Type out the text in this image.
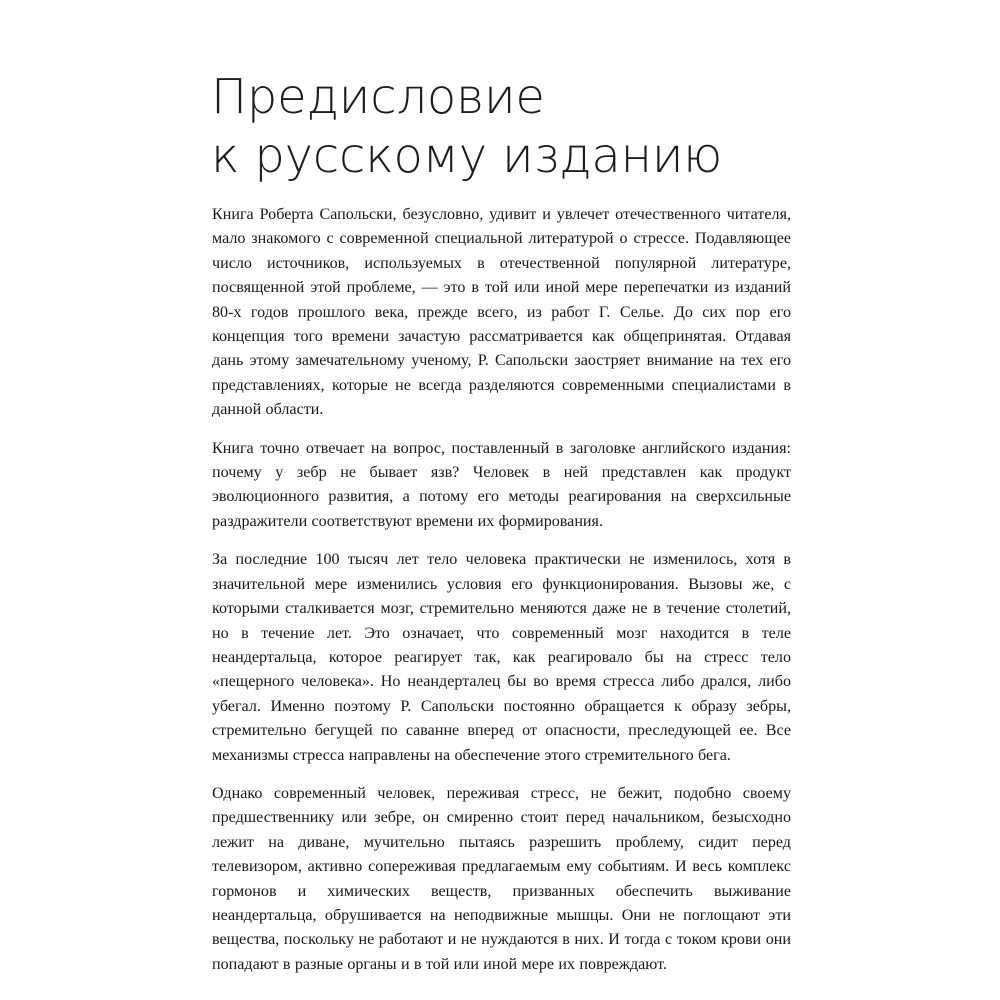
Предисловие
к русскому изданию

Книга Роберта Сапольски, безусловно, удивит и увлечет отечественного читателя, мало знакомого с современной специальной литературой о стрессе. Подавляющее число источников, используемых в отечественной популярной литературе, посвященной этой проблеме, — это в той или иной мере перепечатки из изданий 80-х годов прошлого века, прежде всего, из работ Г. Селье. До сих пор его концепция того времени зачастую рассматривается как общепринятая. Отдавая дань этому замечательному ученому, Р. Сапольски заостряет внимание на тех его представлениях, которые не всегда разделяются современными специалистами в данной области.

Книга точно отвечает на вопрос, поставленный в заголовке английского издания: почему у зебр не бывает язв? Человек в ней представлен как продукт эволюционного развития, а потому его методы реагирования на сверхсильные раздражители соответствуют времени их формирования.

За последние 100 тысяч лет тело человека практически не изменилось, хотя в значительной мере изменились условия его функционирования. Вызовы же, с которыми сталкивается мозг, стремительно меняются даже не в течение столетий, но в течение лет. Это означает, что современный мозг находится в теле неандертальца, которое реагирует так, как реагировало бы на стресс тело «пещерного человека». Но неандерталец бы во время стресса либо дрался, либо убегал. Именно поэтому Р. Сапольски постоянно обращается к образу зебры, стремительно бегущей по саванне вперед от опасности, преследующей ее. Все механизмы стресса направлены на обеспечение этого стремительного бега.

Однако современный человек, переживая стресс, не бежит, подобно своему предшественнику или зебре, он смиренно стоит перед начальником, безысходно лежит на диване, мучительно пытаясь разрешить проблему, сидит перед телевизором, активно сопереживая предлагаемым ему событиям. И весь комплекс гормонов и химических веществ, призванных обеспечить выживание неандертальца, обрушивается на неподвижные мышцы. Они не поглощают эти вещества, поскольку не работают и не нуждаются в них. И тогда с током крови они попадают в разные органы и в той или иной мере их повреждают.
